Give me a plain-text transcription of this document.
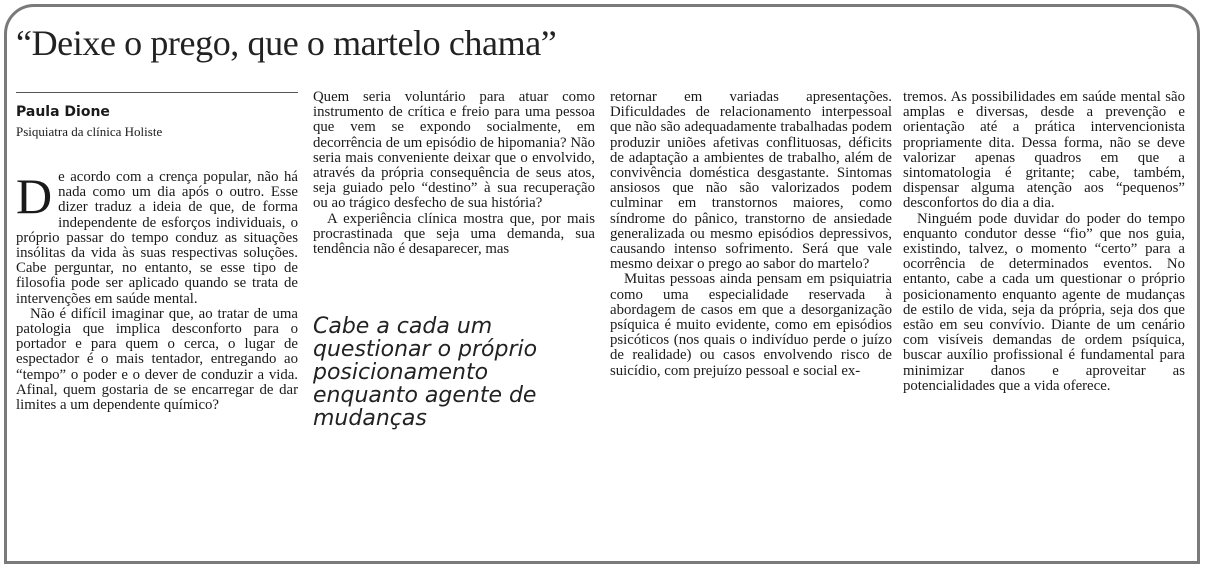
“Deixe o prego, que o martelo chama”
Paula Dione
Psiquiatra da clínica Holiste
D e acordo com a crença popular, não há nada como um dia após o outro. Esse dizer traduz a ideia de que, de forma independente de esforços individuais, o próprio passar do tempo conduz as situações insólitas da vida às suas respectivas soluções. Cabe perguntar, no entanto, se esse tipo de filosofia pode ser aplicado quando se trata de intervenções em saúde mental.

Não é difícil imaginar que, ao tratar de uma patologia que implica desconforto para o portador e para quem o cerca, o lugar de espectador é o mais tentador, entregando ao “tempo” o poder e o dever de conduzir a vida. Afinal, quem gostaria de se encarregar de dar limites a um dependente químico?

Quem seria voluntário para atuar como instrumento de crítica e freio para uma pessoa que vem se expondo socialmente, em decorrência de um episódio de hipomania? Não seria mais conveniente deixar que o envolvido, através da própria consequência de seus atos, seja guiado pelo “destino” à sua recuperação ou ao trágico desfecho de sua história?

A experiência clínica mostra que, por mais procrastinada que seja uma demanda, sua tendência não é desaparecer, mas

Cabe a cada um questionar o próprio posicionamento enquanto agente de mudanças

retornar em variadas apresentações. Dificuldades de relacionamento interpessoal que não são adequadamente trabalhadas podem produzir uniões afetivas conflituosas, déficits de adaptação a ambientes de trabalho, além de convivência doméstica desgastante. Sintomas ansiosos que não são valorizados podem culminar em transtornos maiores, como síndrome do pânico, transtorno de ansiedade generalizada ou mesmo episódios depressivos, causando intenso sofrimento. Será que vale mesmo deixar o prego ao sabor do martelo?

Muitas pessoas ainda pensam em psiquiatria como uma especialidade reservada à abordagem de casos em que a desorganização psíquica é muito evidente, como em episódios psicóticos (nos quais o indivíduo perde o juízo de realidade) ou casos envolvendo risco de suicídio, com prejuízo pessoal e social ex-

tremos. As possibilidades em saúde mental são amplas e diversas, desde a prevenção e orientação até a prática intervencionista propriamente dita. Dessa forma, não se deve valorizar apenas quadros em que a sintomatologia é gritante; cabe, também, dispensar alguma atenção aos “pequenos” desconfortos do dia a dia.

Ninguém pode duvidar do poder do tempo enquanto condutor desse “fio” que nos guia, existindo, talvez, o momento “certo” para a ocorrência de determinados eventos. No entanto, cabe a cada um questionar o próprio posicionamento enquanto agente de mudanças de estilo de vida, seja da própria, seja dos que estão em seu convívio. Diante de um cenário com visíveis demandas de ordem psíquica, buscar auxílio profissional é fundamental para minimizar danos e aproveitar as potencialidades que a vida oferece.
